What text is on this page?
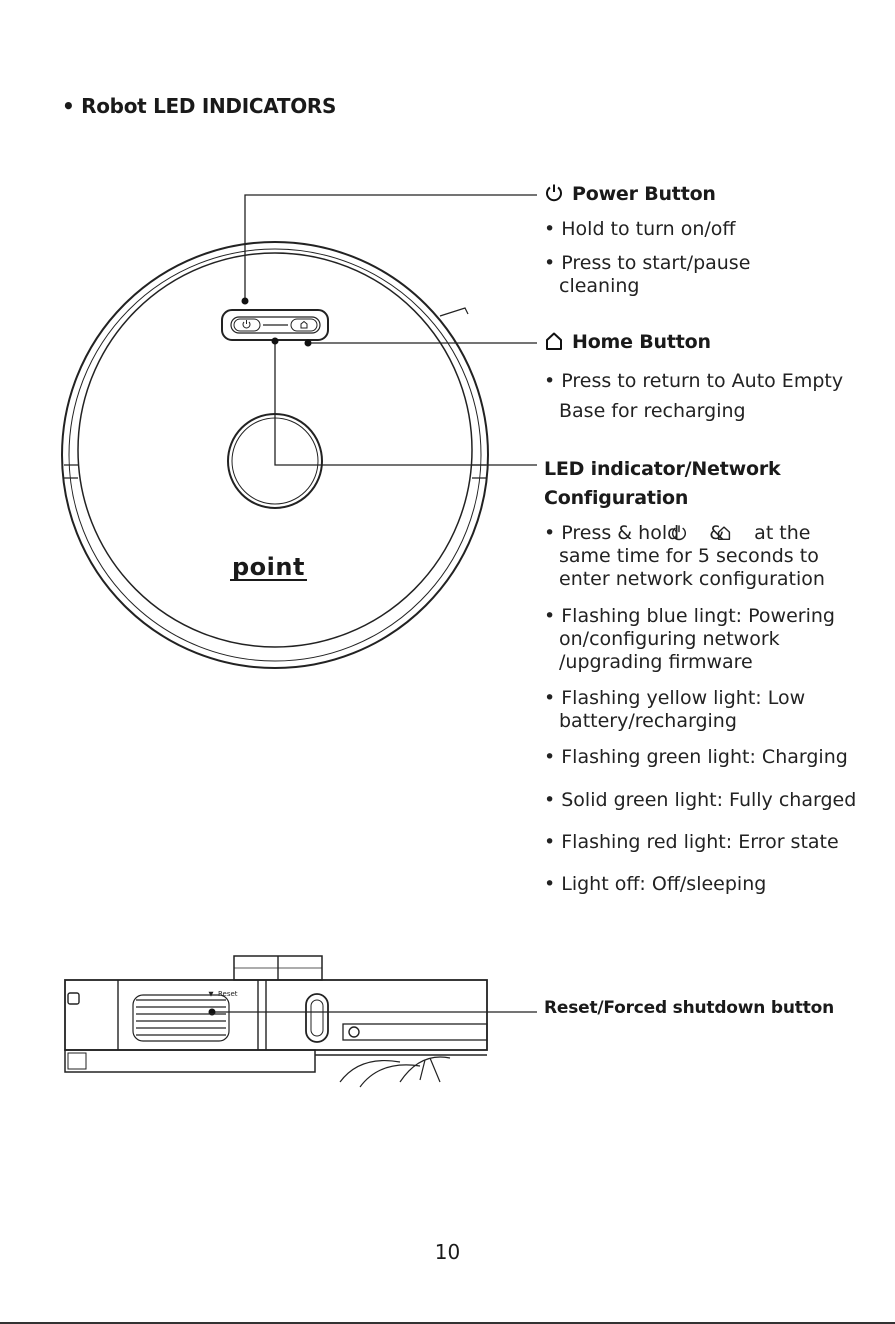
• Robot LED INDICATORS
Reset
point
Power Button
• Hold to turn on/off
• Press to start/pause cleaning
Home Button
• Press to return to Auto Empty Base for recharging
LED indicator/Network
Configuration
• Press & hold & at the same time for 5 seconds to enter network configuration
• Flashing blue lingt: Powering on/configuring network /upgrading firmware
• Flashing yellow light: Low battery/recharging
• Flashing green light: Charging
• Solid green light: Fully charged
• Flashing red light: Error state
• Light off: Off/sleeping
Reset/Forced shutdown button
10
